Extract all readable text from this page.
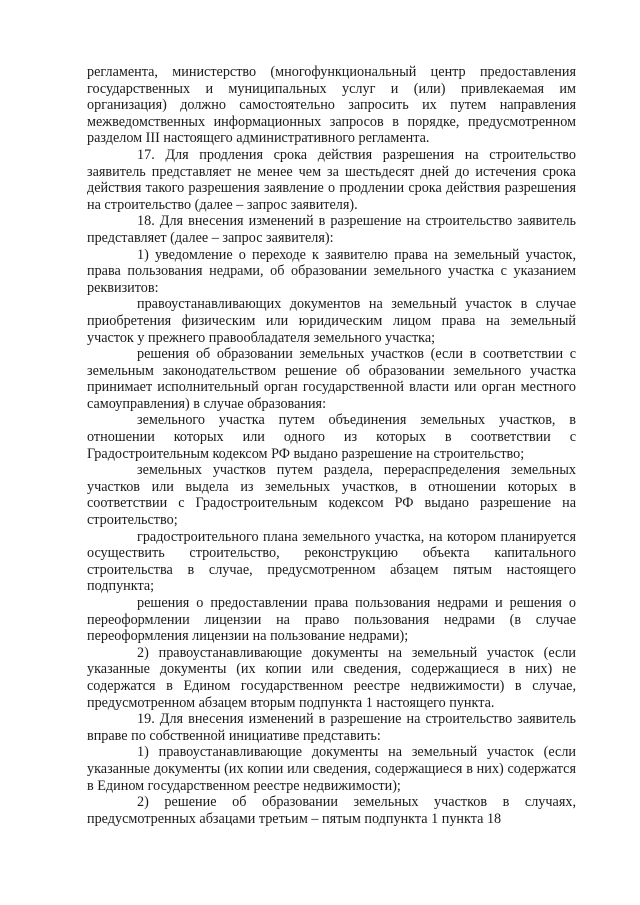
регламента, министерство (многофункциональный центр предоставления государственных и муниципальных услуг и (или) привлекаемая им организация) должно самостоятельно запросить их путем направления межведомственных информационных запросов в порядке, предусмотренном разделом III настоящего административного регламента.

17. Для продления срока действия разрешения на строительство заявитель представляет не менее чем за шестьдесят дней до истечения срока действия такого разрешения заявление о продлении срока действия разрешения на строительство (далее – запрос заявителя).

18. Для внесения изменений в разрешение на строительство заявитель представляет (далее – запрос заявителя):

1) уведомление о переходе к заявителю права на земельный участок, права пользования недрами, об образовании земельного участка с указанием реквизитов:

правоустанавливающих документов на земельный участок в случае приобретения физическим или юридическим лицом права на земельный участок у прежнего правообладателя земельного участка;

решения об образовании земельных участков (если в соответствии с земельным законодательством решение об образовании земельного участка принимает исполнительный орган государственной власти или орган местного самоуправления) в случае образования:

земельного участка путем объединения земельных участков, в отношении которых или одного из которых в соответствии с Градостроительным кодексом РФ выдано разрешение на строительство;

земельных участков путем раздела, перераспределения земельных участков или выдела из земельных участков, в отношении которых в соответствии с Градостроительным кодексом РФ выдано разрешение на строительство;

градостроительного плана земельного участка, на котором планируется осуществить строительство, реконструкцию объекта капитального строительства в случае, предусмотренном абзацем пятым настоящего подпункта;

решения о предоставлении права пользования недрами и решения о переоформлении лицензии на право пользования недрами (в случае переоформления лицензии на пользование недрами);

2) правоустанавливающие документы на земельный участок (если указанные документы (их копии или сведения, содержащиеся в них) не содержатся в Едином государственном реестре недвижимости) в случае, предусмотренном абзацем вторым подпункта 1 настоящего пункта.

19. Для внесения изменений в разрешение на строительство заявитель вправе по собственной инициативе представить:

1) правоустанавливающие документы на земельный участок (если указанные документы (их копии или сведения, содержащиеся в них) содержатся в Едином государственном реестре недвижимости);

2) решение об образовании земельных участков в случаях, предусмотренных абзацами третьим – пятым подпункта 1 пункта 18
